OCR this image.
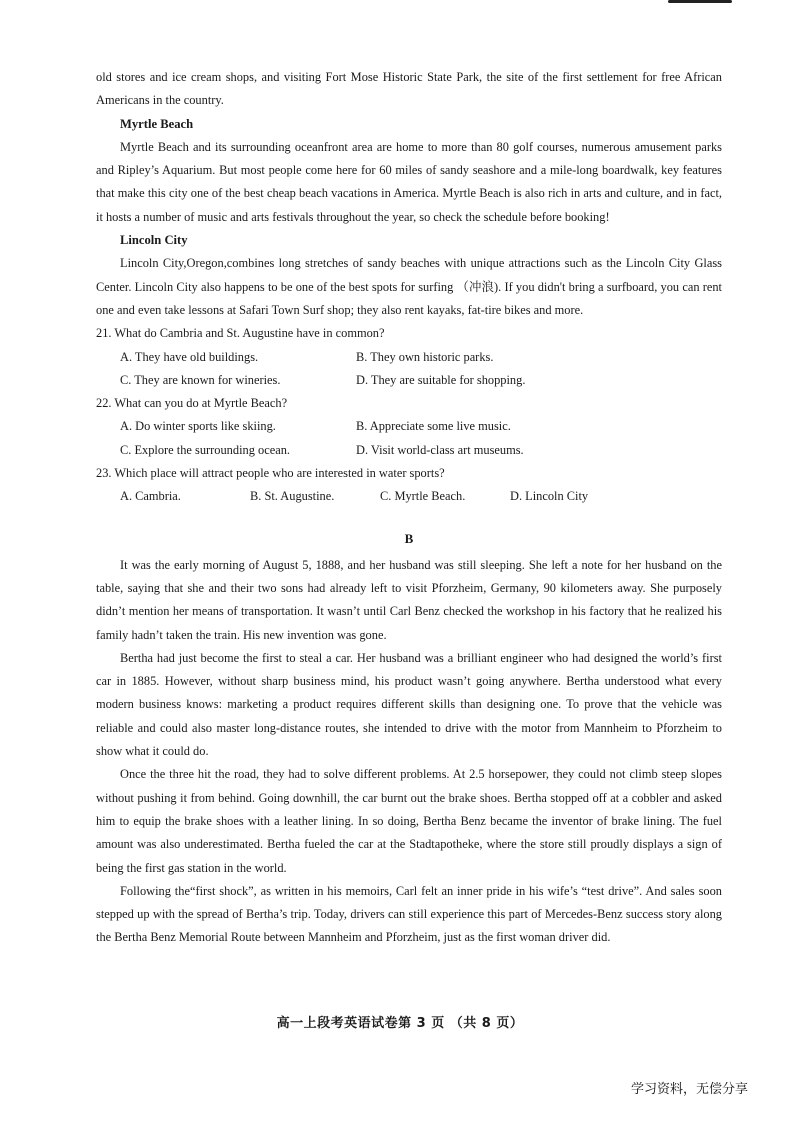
old stores and ice cream shops, and visiting Fort Mose Historic State Park, the site of the first settlement for free African Americans in the country.

Myrtle Beach

Myrtle Beach and its surrounding oceanfront area are home to more than 80 golf courses, numerous amusement parks and Ripley’s Aquarium. But most people come here for 60 miles of sandy seashore and a mile-long boardwalk, key features that make this city one of the best cheap beach vacations in America. Myrtle Beach is also rich in arts and culture, and in fact, it hosts a number of music and arts festivals throughout the year, so check the schedule before booking!

Lincoln City

Lincoln City,Oregon,combines long stretches of sandy beaches with unique attractions such as the Lincoln City Glass Center. Lincoln City also happens to be one of the best spots for surfing （冲浪). If you didn't bring a surfboard, you can rent one and even take lessons at Safari Town Surf shop; they also rent kayaks, fat-tire bikes and more.

21. What do Cambria and St. Augustine have in common?

A. They have old buildings.	B. They own historic parks.
C. They are known for wineries.	D. They are suitable for shopping.

22. What can you do at Myrtle Beach?

A. Do winter sports like skiing.	B. Appreciate some live music.
C. Explore the surrounding ocean.	D. Visit world-class art museums.

23. Which place will attract people who are interested in water sports?

A. Cambria.	B. St. Augustine.	C. Myrtle Beach.	D. Lincoln City
B

It was the early morning of August 5, 1888, and her husband was still sleeping. She left a note for her husband on the table, saying that she and their two sons had already left to visit Pforzheim, Germany, 90 kilometers away. She purposely didn’t mention her means of transportation. It wasn’t until Carl Benz checked the workshop in his factory that he realized his family hadn’t taken the train. His new invention was gone.

Bertha had just become the first to steal a car. Her husband was a brilliant engineer who had designed the world’s first car in 1885. However, without sharp business mind, his product wasn’t going anywhere. Bertha understood what every modern business knows: marketing a product requires different skills than designing one. To prove that the vehicle was reliable and could also master long-distance routes, she intended to drive with the motor from Mannheim to Pforzheim to show what it could do.

Once the three hit the road, they had to solve different problems. At 2.5 horsepower, they could not climb steep slopes without pushing it from behind. Going downhill, the car burnt out the brake shoes. Bertha stopped off at a cobbler and asked him to equip the brake shoes with a leather lining. In so doing, Bertha Benz became the inventor of brake lining. The fuel amount was also underestimated. Bertha fueled the car at the Stadtapotheke, where the store still proudly displays a sign of being the first gas station in the world.

Following the“first shock”, as written in his memoirs, Carl felt an inner pride in his wife’s “test drive”. And sales soon stepped up with the spread of Bertha’s trip. Today, drivers can still experience this part of Mercedes-Benz success story along the Bertha Benz Memorial Route between Mannheim and Pforzheim, just as the first woman driver did.

高一上段考英语试卷第 3 页 （共 8 页）
学习资料，无偿分享
